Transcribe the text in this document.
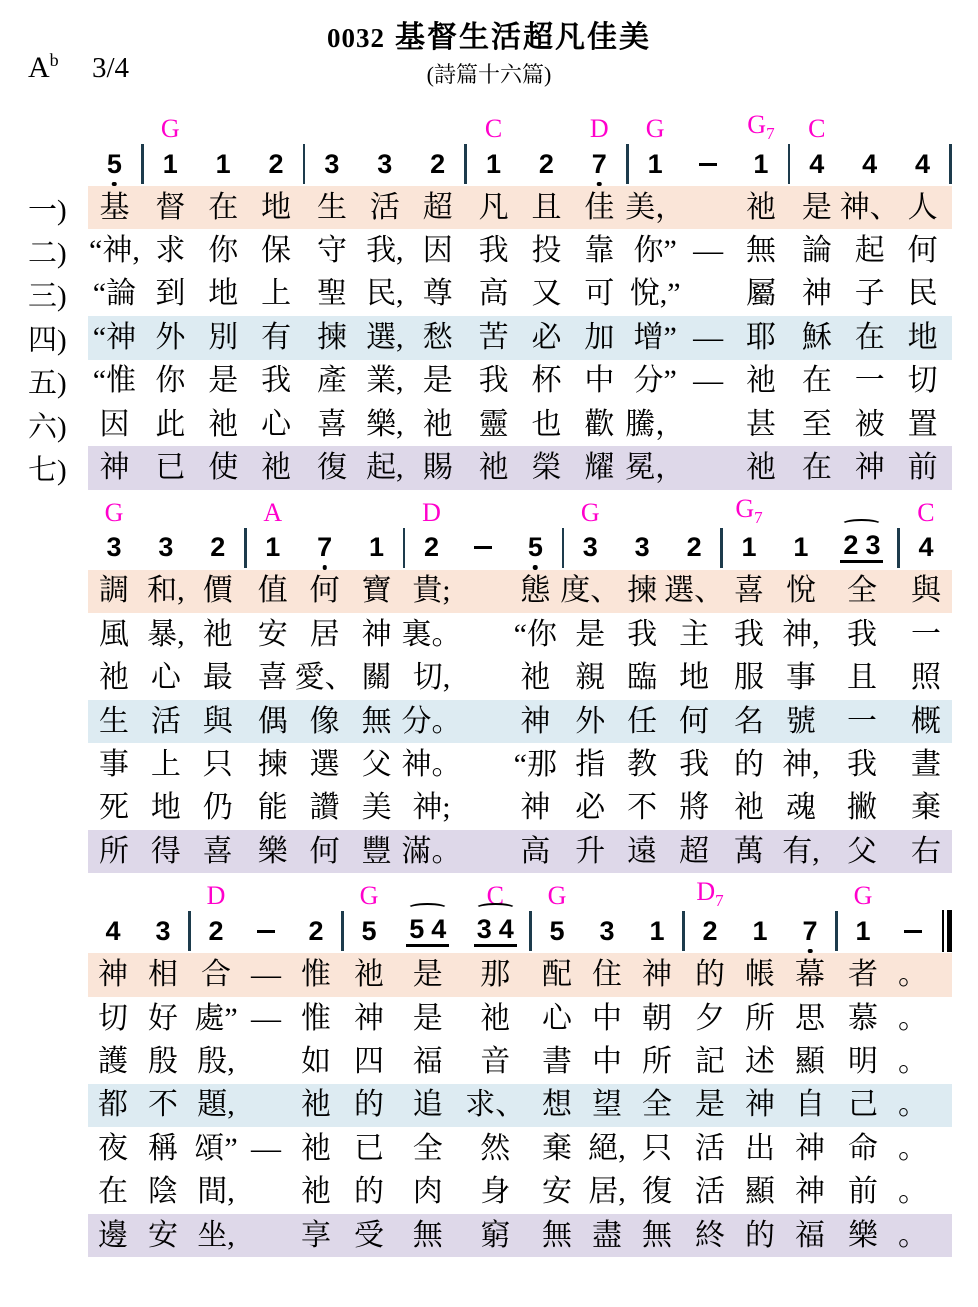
0032 基督生活超凡佳美
$A^b$ 3/4	(詩篇十六篇)
G	C	D G	$G_7$ C
5 1 1 2 3 3 2 1 2 7 1	1 4 4 4
一)	基 督 在 地 生 活 超 凡 且 佳 美，	祂 是 神、 人
二) “神, 求 你 保 守 我, 因 我 投 靠 你” — 無 論 起 何
三) “論 到 地 上 聖 民, 尊 高 又 可 悅,”	屬 神 子 民
四) “神 外 別 有 揀 選, 愁 苦 必 加 增” — 耶 穌 在 地
五) “惟 你 是 我 產 業, 是 我 杯 中 分” — 祂 在 一 切
六)	因 此 祂 心 喜 樂, 祂 靈 也 歡 騰，	甚 至 被 置
七)	神 已 使 祂 復 起, 賜 祂 榮 耀 冕，	祂 在 神 前
G	A	D	G	$G_7$	C
3 3 2 1 7 1 2	5 3 3 2 1 1 2 3 4
調 和, 價 值 何 寶 貴;	態 度、 揀 選、 喜 悅	全	與
風 暴, 祂 安 居 神 裏。 “你 是 我 主 我 神, 我	一
祂 心 最 喜 愛、 關 切,	祂 親 臨 地 服 事	且	照
生 活 與 偶 像 無 分。	神 外 任 何 名 號	一	概
事 上 只 揀 選 父 神。 “那 指 教 我 的 神, 我	晝
死 地 仍 能 讚 美 神;	神 必 不 將 祂 魂	撇	棄
所 得 喜 樂 何 豐 滿。	高 升 遠 超 萬 有, 父	右
D	G	C G	$D_7$	G
4 3 2	2 5 5 4 3 4 5 3 1 2 1 7 1
神 相 合 — 惟 祂 是	那	配 住 神 的 帳 幕 者 。
切 好 處” — 惟 神 是	祂	心 中 朝 夕 所 思 慕 。
護 殷 殷,	如 四 福	音	書 中 所 記 述 顯 明 。
都 不 題,	祂 的 追 求、 想 望 全 是 神 自 己 。
夜 稱 頌” — 祂 已 全	然	棄 絕, 只 活 出 神 命 。
在 陰 間,	祂 的 肉	身	安 居, 復 活 顯 神 前 。
邊 安 坐,	享 受 無	窮	無 盡 無 終 的 福 樂 。
